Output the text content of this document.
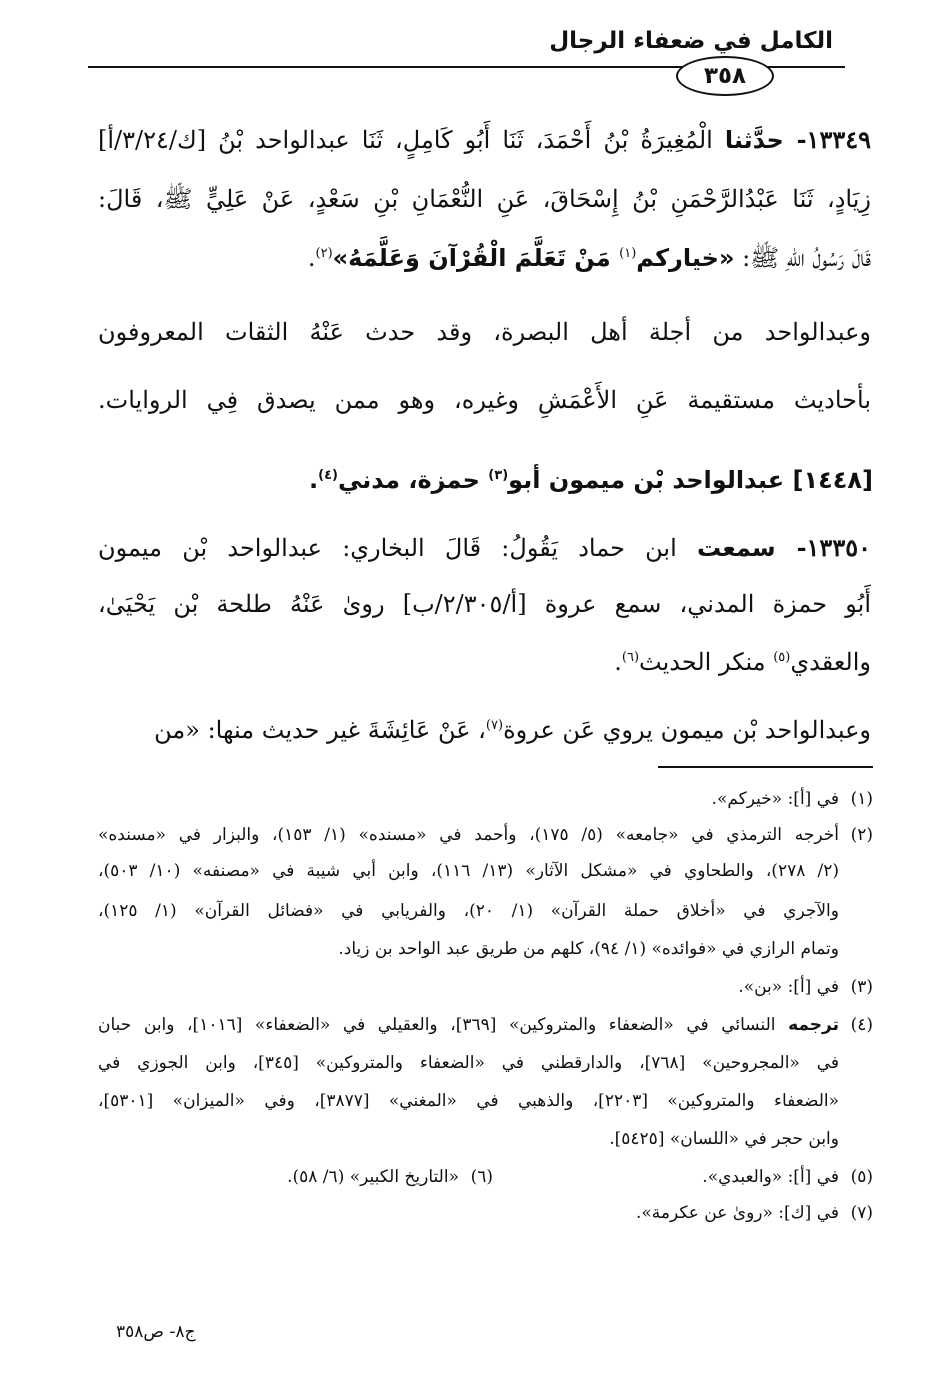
الكامل في ضعفاء الرجال
٣٥٨
١٣٣٤٩- حدَّثنا الْمُغِيرَةُ بْنُ أَحْمَدَ، ثَنَا أَبُو كَامِلٍ، ثَنَا عبدالواحد بْنُ [ك/٣/٢٤/أ]
زِيَادٍ، ثَنَا عَبْدُالرَّحْمَنِ بْنُ إِسْحَاقَ، عَنِ النُّعْمَانِ بْنِ سَعْدٍ، عَنْ عَلِيٍّ ﷺ، قَالَ:
قَالَ رَسُولُ اللهِ ﷺ: «خياركم$^{(١)}$ مَنْ تَعَلَّمَ الْقُرْآنَ وَعَلَّمَهُ»$^{(٢)}$.
وعبدالواحد من أجلة أهل البصرة، وقد حدث عَنْهُ الثقات المعروفون
بأحاديث مستقيمة عَنِ الأَعْمَشِ وغيره، وهو ممن يصدق فِي الروايات.
[١٤٤٨] عبدالواحد بْن ميمون أبو$^{(٣)}$ حمزة، مدني$^{(٤)}$.
١٣٣٥٠- سمعت ابن حماد يَقُولُ: قَالَ البخاري: عبدالواحد بْن ميمون
أَبُو حمزة المدني، سمع عروة [أ/٢/٣٠٥/ب] روىٰ عَنْهُ طلحة بْن يَحْيَىٰ،
والعقدي$^{(٥)}$ منكر الحديث$^{(٦)}$.
وعبدالواحد بْن ميمون يروي عَن عروة$^{(٧)}$، عَنْ عَائِشَةَ غير حديث منها: «من
(١)في [أ]: «خيركم».
(٢)أخرجه الترمذي في «جامعه» (٥/ ١٧٥)، وأحمد في «مسنده» (١/ ١٥٣)، والبزار في «مسنده»
(٢/ ٢٧٨)، والطحاوي في «مشكل الآثار» (١٣/ ١١٦)، وابن أبي شيبة في «مصنفه» (١٠/ ٥٠٣)،
والآجري في «أخلاق حملة القرآن» (١/ ٢٠)، والفريابي في «فضائل القرآن» (١/ ١٢٥)،
وتمام الرازي في «فوائده» (١/ ٩٤)، كلهم من طريق عبد الواحد بن زياد.
(٣)في [أ]: «بن».
(٤)ترجمه النسائي في «الضعفاء والمتروكين» [٣٦٩]، والعقيلي في «الضعفاء» [١٠١٦]، وابن حبان
في «المجروحين» [٧٦٨]، والدارقطني في «الضعفاء والمتروكين» [٣٤٥]، وابن الجوزي في
«الضعفاء والمتروكين» [٢٢٠٣]، والذهبي في «المغني» [٣٨٧٧]، وفي «الميزان» [٥٣٠١]،
وابن حجر في «اللسان» [٥٤٢٥].
(٥)في [أ]: «والعبدي».
(٦)«التاريخ الكبير» (٦/ ٥٨).
(٧)في [ك]: «روىٰ عن عكرمة».
ج٨- ص٣٥٨
